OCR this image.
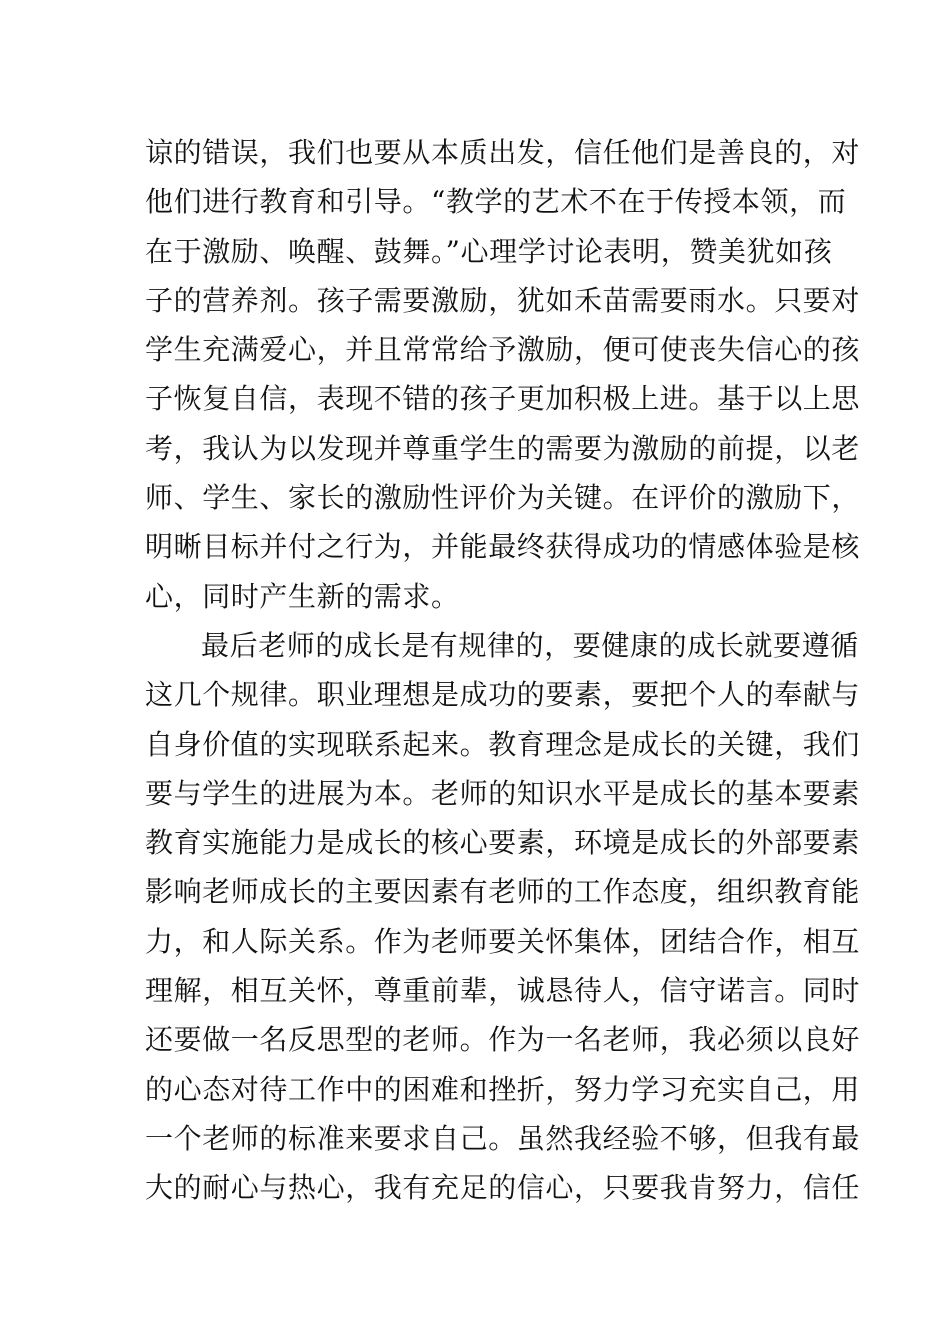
谅的错误，我们也要从本质出发，信任他们是善良的，对
他们进行教育和引导。“教学的艺术不在于传授本领，而
在于激励、唤醒、鼓舞。”心理学讨论表明，赞美犹如孩
子的营养剂。孩子需要激励，犹如禾苗需要雨水。只要对
学生充满爱心，并且常常给予激励，便可使丧失信心的孩
子恢复自信，表现不错的孩子更加积极上进。基于以上思
考，我认为以发现并尊重学生的需要为激励的前提，以老
师、学生、家长的激励性评价为关键。在评价的激励下，
明晰目标并付之行为，并能最终获得成功的情感体验是核
心，同时产生新的需求。
最后老师的成长是有规律的，要健康的成长就要遵循
这几个规律。职业理想是成功的要素，要把个人的奉献与
自身价值的实现联系起来。教育理念是成长的关键，我们
要与学生的进展为本。老师的知识水平是成长的基本要素
教育实施能力是成长的核心要素，环境是成长的外部要素
影响老师成长的主要因素有老师的工作态度，组织教育能
力，和人际关系。作为老师要关怀集体，团结合作，相互
理解，相互关怀，尊重前辈，诚恳待人，信守诺言。同时
还要做一名反思型的老师。作为一名老师，我必须以良好
的心态对待工作中的困难和挫折，努力学习充实自己，用
一个老师的标准来要求自己。虽然我经验不够，但我有最
大的耐心与热心，我有充足的信心，只要我肯努力，信任
